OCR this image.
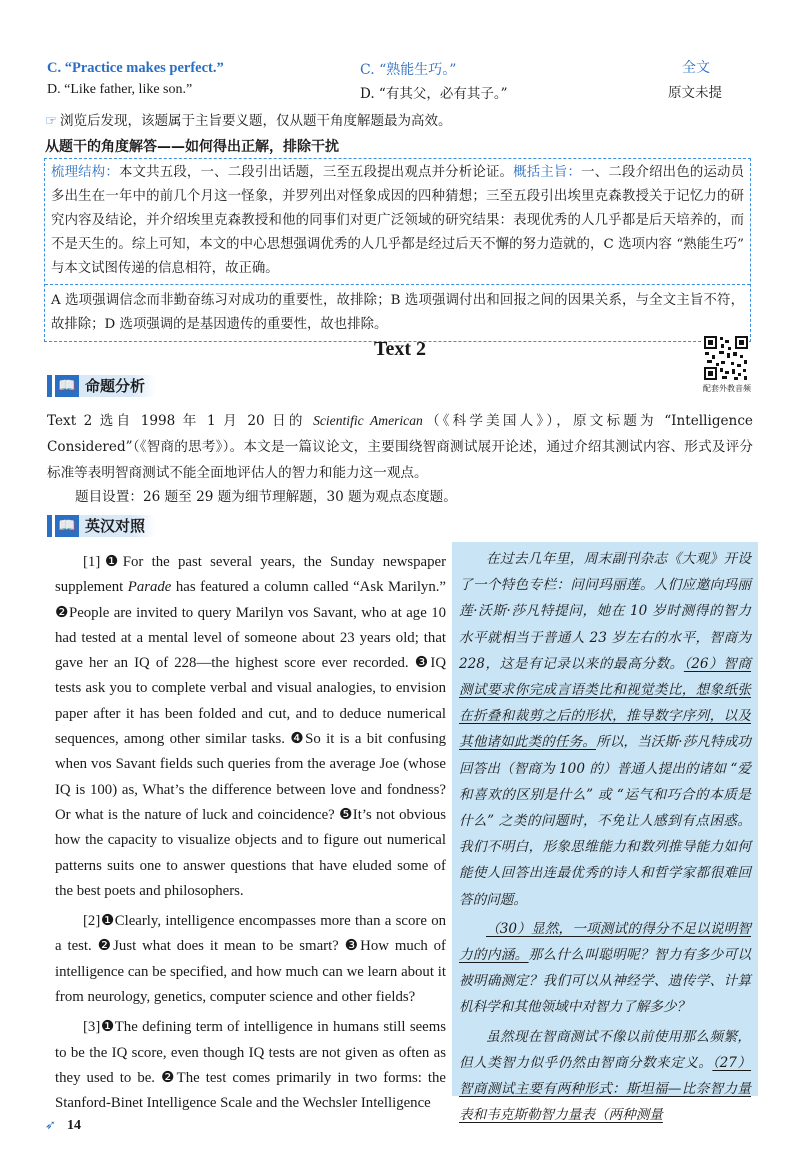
C. “Practice makes perfect.”	C. “熟能生巧。”	全文
D. “Like father, like son.”	D. “有其父，必有其子。”	原文未提
☞ 浏览后发现，该题属于主旨要义题，仅从题干角度解题最为高效。
从题干的角度解答——如何得出正解，排除干扰
梳理结构：本文共五段，一、二段引出话题，三至五段提出观点并分析论证。概括主旨：一、二段介绍出色的运动员多出生在一年中的前几个月这一怪象，并罗列出对怪象成因的四种猜想；三至五段引出埃里克森教授关于记忆力的研究内容及结论，并介绍埃里克森教授和他的同事们对更广泛领域的研究结果：表现优秀的人几乎都是后天培养的，而不是天生的。综上可知，本文的中心思想强调优秀的人几乎都是经过后天不懈的努力造就的，C 选项内容 “熟能生巧” 与本文试图传递的信息相符，故正确。
A 选项强调信念而非勤奋练习对成功的重要性，故排除；B 选项强调付出和回报之间的因果关系，与全文主旨不符，故排除；D 选项强调的是基因遗传的重要性，故也排除。
Text 2
配套外教音频
📖 命题分析
Text 2 选自 1998 年 1 月 20 日的 Scientific American（《科学美国人》），原文标题为 “Intelligence Considered”（《智商的思考》）。本文是一篇议论文，主要围绕智商测试展开论述，通过介绍其测试内容、形式及评分标准等表明智商测试不能全面地评估人的智力和能力这一观点。
题目设置：26 题至 29 题为细节理解题，30 题为观点态度题。
📖 英汉对照

[1]❶For the past several years, the Sunday newspaper supplement Parade has featured a column called “Ask Marilyn.” ❷People are invited to query Marilyn vos Savant, who at age 10 had tested at a mental level of someone about 23 years old; that gave her an IQ of 228—the highest score ever recorded. ❸IQ tests ask you to complete verbal and visual analogies, to envision paper after it has been folded and cut, and to deduce numerical sequences, among other similar tasks. ❹So it is a bit confusing when vos Savant fields such queries from the average Joe (whose IQ is 100) as, What’s the difference between love and fondness? Or what is the nature of luck and coincidence? ❺It’s not obvious how the capacity to visualize objects and to figure out numerical patterns suits one to answer questions that have eluded some of the best poets and philosophers.

[2]❶Clearly, intelligence encompasses more than a score on a test. ❷Just what does it mean to be smart? ❸How much of intelligence can be specified, and how much can we learn about it from neurology, genetics, computer science and other fields?

[3]❶The defining term of intelligence in humans still seems to be the IQ score, even though IQ tests are not given as often as they used to be. ❷The test comes primarily in two forms: the Stanford-Binet Intelligence Scale and the Wechsler Intelligence

在过去几年里，周末副刊杂志《大观》开设了一个特色专栏：问问玛丽莲。人们应邀向玛丽莲·沃斯·莎凡特提问，她在 10 岁时测得的智力水平就相当于普通人 23 岁左右的水平，智商为 228，这是有记录以来的最高分数。（26）智商测试要求你完成言语类比和视觉类比，想象纸张在折叠和裁剪之后的形状，推导数字序列，以及其他诸如此类的任务。所以，当沃斯·莎凡特成功回答出（智商为 100 的）普通人提出的诸如 “爱和喜欢的区别是什么” 或 “运气和巧合的本质是什么” 之类的问题时，不免让人感到有点困惑。我们不明白，形象思维能力和数列推导能力如何能使人回答出连最优秀的诗人和哲学家都很难回答的问题。

（30）显然，一项测试的得分不足以说明智力的内涵。那么什么叫聪明呢？智力有多少可以被明确测定？我们可以从神经学、遗传学、计算机科学和其他领域中对智力了解多少？

虽然现在智商测试不像以前使用那么频繁，但人类智力似乎仍然由智商分数来定义。（27）智商测试主要有两种形式：斯坦福—比奈智力量表和韦克斯勒智力量表（两种测量

➶ 14
